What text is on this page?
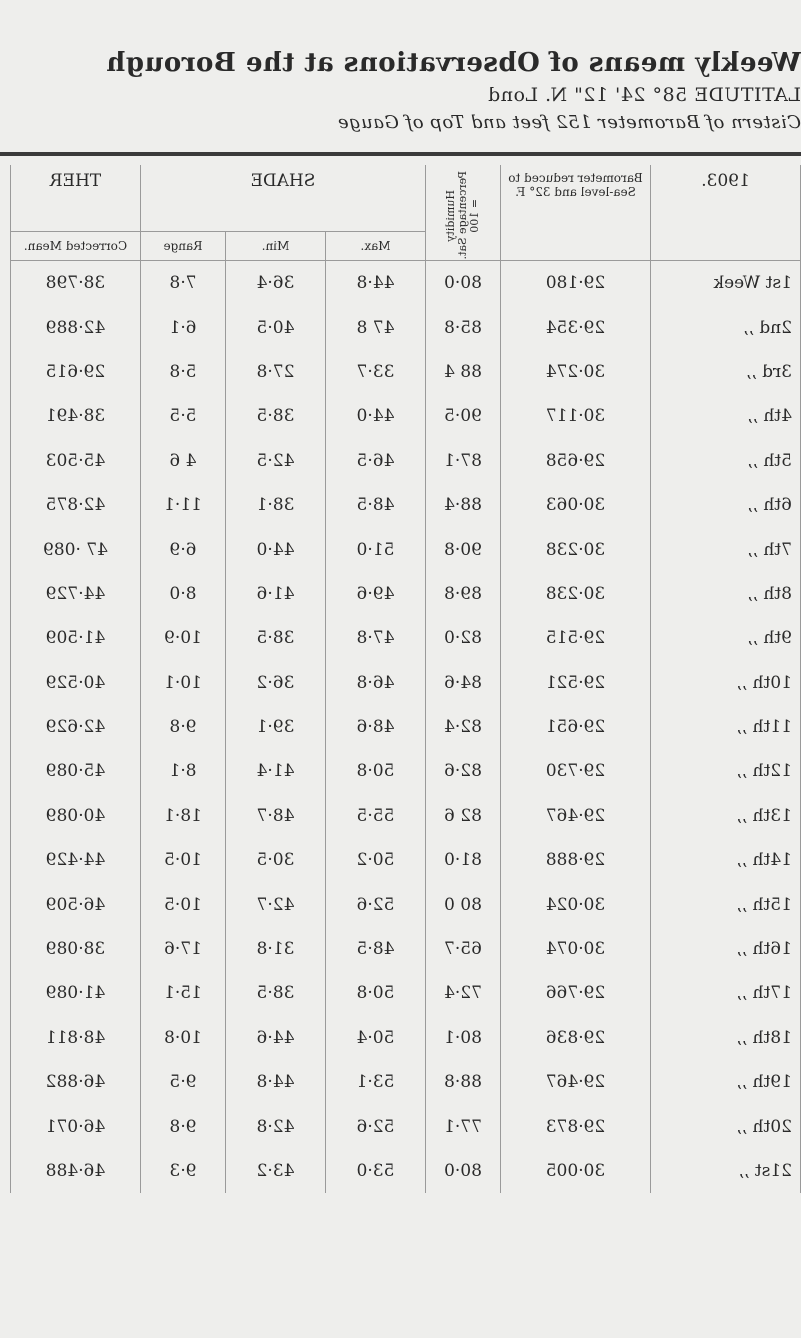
Weekly means of Observations at the Borough
LATITUDE 58° 24' 12" N. Lond
Cistern of Barometer 152 feet and Top of Gauge
1903.	Barometer reduced to Sea-level and 32° F.	Humidity Percentage Sat. = 100	SHADE			THER
			Max.	Min.	Range	Corrected Mean.
1st Week	29·180	80·0	44·8	36·4	7·8	38·798
2nd ,,	29·354	85·8	47 8	40·5	6·1	42·889
3rd ,,	30·274	88 4	33·7	27·8	5·8	29·615
4th ,,	30·117	90·5	44·0	38·5	5·5	38·491
5th ,,	29·658	87·1	46·5	42·5	4 6	45·503
6th ,,	30·063	88·4	48·5	38·1	11·1	42·875
7th ,,	30·238	90·8	51·0	44·0	6·9	47 ·089
8th ,,	30·238	89·8	49·6	41·6	8·0	44·729
9th ,,	29·515	82·0	47·8	38·5	10·9	41·509
10th ,,	29·521	84·6	46·8	36·2	10·1	40·529
11th ,,	29·651	82·4	48·6	39·1	9·8	42·629
12th ,,	29·730	82·6	50·8	41·4	8·1	45·089
13th ,,	29·467	82 6	55·5	48·7	18·1	40·089
14th ,,	29·888	81·0	50·2	30·5	10·5	44·429
15th ,,	30·024	80 0	52·6	42·7	10·5	46·509
16th ,,	30·074	65·7	48·5	31·8	17·6	38·089
17th ,,	29·766	72·4	50·8	38·5	15·1	41·089
18th ,,	29·836	80·1	50·4	44·6	10·8	48·811
19th ,,	29·467	88·8	53·1	44·8	9·5	46·882
20th ,,	29·873	77·1	52·6	42·8	9·8	46·071
21st ,,	30·005	80·0	53·0	43·2	9·3	46·488
